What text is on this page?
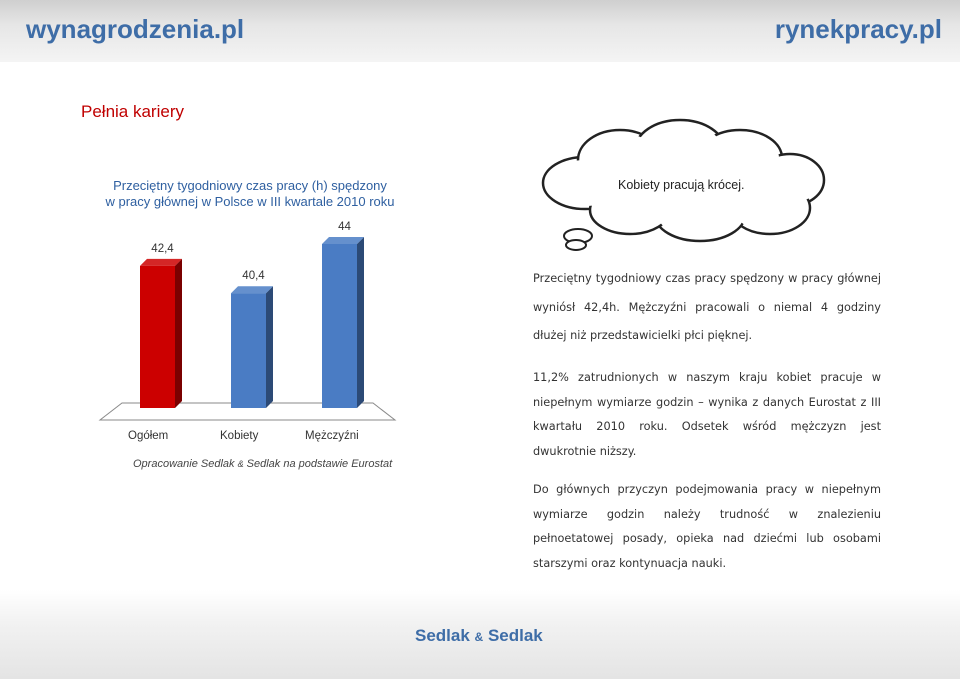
wynagrodzenia.pl	rynekpracy.pl
Pełnia kariery
Przeciętny tygodniowy czas pracy (h) spędzony
w pracy głównej w Polsce w III kwartale 2010 roku
42,4
40,4
44
Ogółem	Kobiety	Mężczyźni
Opracowanie Sedlak & Sedlak na podstawie Eurostat
Kobiety pracują krócej.
Przeciętny tygodniowy czas pracy spędzony w pracy głównej wyniósł 42,4h. Mężczyźni pracowali o niemal 4 godziny dłużej niż przedstawicielki płci pięknej.
11,2% zatrudnionych w naszym kraju kobiet pracuje w niepełnym wymiarze godzin – wynika z danych Eurostat z III kwartału 2010 roku. Odsetek wśród mężczyzn jest dwukrotnie niższy.
Do głównych przyczyn podejmowania pracy w niepełnym wymiarze godzin należy trudność w znalezieniu pełnoetatowej posady, opieka nad dziećmi lub osobami starszymi oraz kontynuacja nauki.
Sedlak & Sedlak
